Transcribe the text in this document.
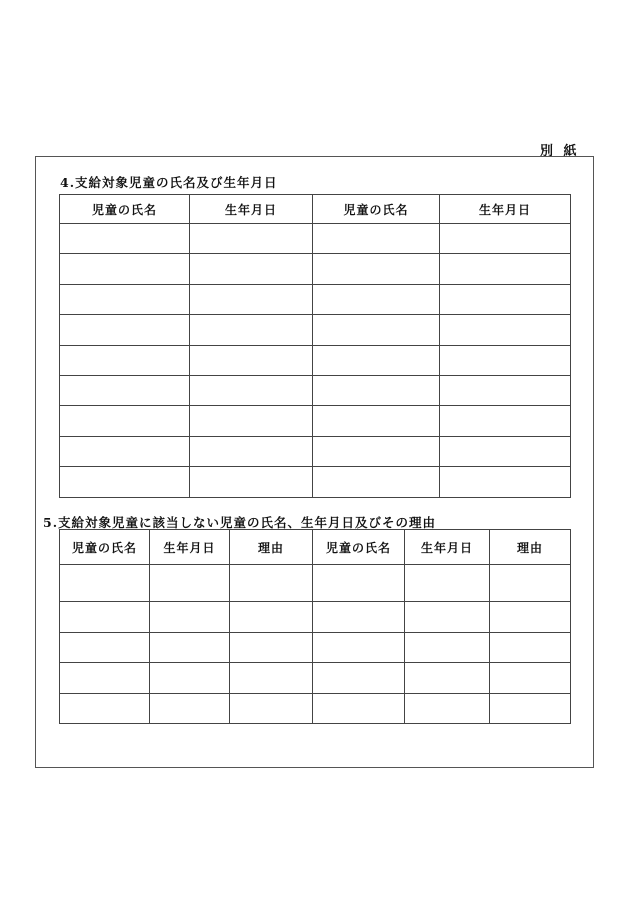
別 紙
4.支給対象児童の氏名及び生年月日
児童の氏名	生年月日	児童の氏名	生年月日

5.支給対象児童に該当しない児童の氏名、生年月日及びその理由
児童の氏名	生年月日	理由	児童の氏名	生年月日	理由
